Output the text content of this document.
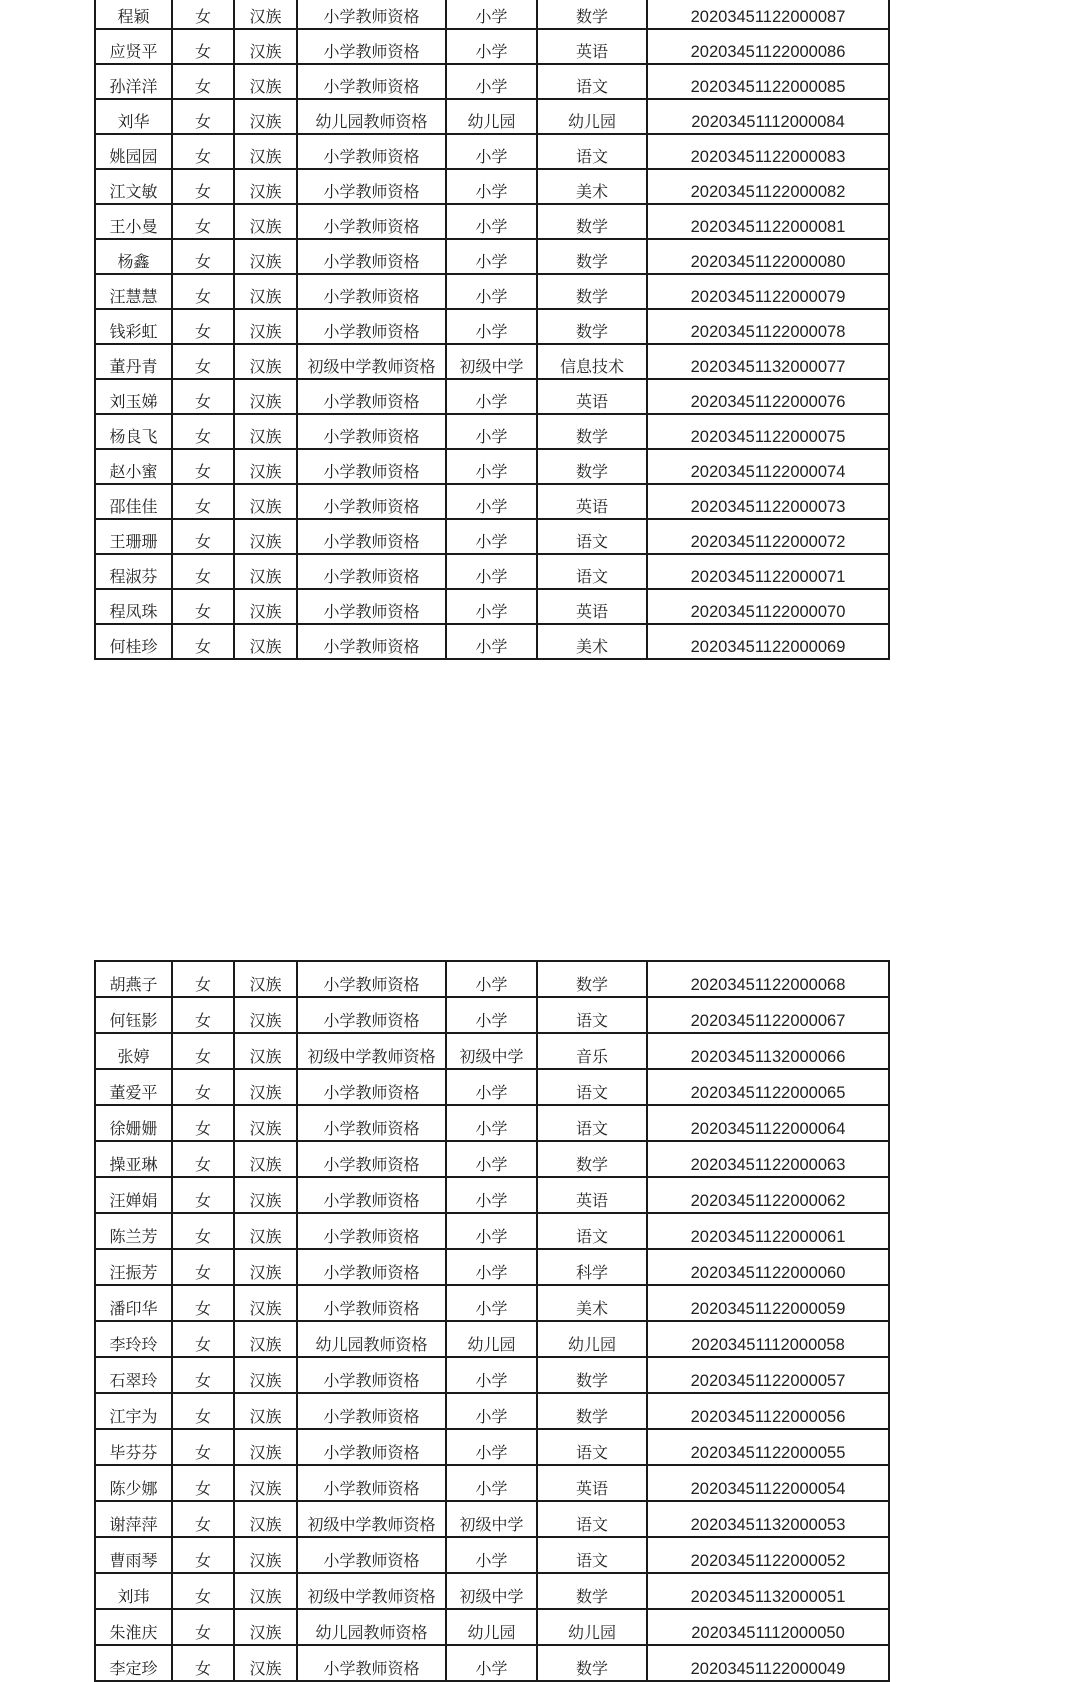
程颖	女	汉族	小学教师资格	小学	数学	20203451122000087
应贤平	女	汉族	小学教师资格	小学	英语	20203451122000086
孙洋洋	女	汉族	小学教师资格	小学	语文	20203451122000085
刘华	女	汉族	幼儿园教师资格	幼儿园	幼儿园	20203451112000084
姚园园	女	汉族	小学教师资格	小学	语文	20203451122000083
江文敏	女	汉族	小学教师资格	小学	美术	20203451122000082
王小曼	女	汉族	小学教师资格	小学	数学	20203451122000081
杨鑫	女	汉族	小学教师资格	小学	数学	20203451122000080
汪慧慧	女	汉族	小学教师资格	小学	数学	20203451122000079
钱彩虹	女	汉族	小学教师资格	小学	数学	20203451122000078
董丹青	女	汉族	初级中学教师资格	初级中学	信息技术	20203451132000077
刘玉娣	女	汉族	小学教师资格	小学	英语	20203451122000076
杨良飞	女	汉族	小学教师资格	小学	数学	20203451122000075
赵小蜜	女	汉族	小学教师资格	小学	数学	20203451122000074
邵佳佳	女	汉族	小学教师资格	小学	英语	20203451122000073
王珊珊	女	汉族	小学教师资格	小学	语文	20203451122000072
程淑芬	女	汉族	小学教师资格	小学	语文	20203451122000071
程凤珠	女	汉族	小学教师资格	小学	英语	20203451122000070
何桂珍	女	汉族	小学教师资格	小学	美术	20203451122000069
胡燕子	女	汉族	小学教师资格	小学	数学	20203451122000068
何钰影	女	汉族	小学教师资格	小学	语文	20203451122000067
张婷	女	汉族	初级中学教师资格	初级中学	音乐	20203451132000066
董爱平	女	汉族	小学教师资格	小学	语文	20203451122000065
徐姗姗	女	汉族	小学教师资格	小学	语文	20203451122000064
操亚琳	女	汉族	小学教师资格	小学	数学	20203451122000063
汪婵娟	女	汉族	小学教师资格	小学	英语	20203451122000062
陈兰芳	女	汉族	小学教师资格	小学	语文	20203451122000061
汪振芳	女	汉族	小学教师资格	小学	科学	20203451122000060
潘印华	女	汉族	小学教师资格	小学	美术	20203451122000059
李玲玲	女	汉族	幼儿园教师资格	幼儿园	幼儿园	20203451112000058
石翠玲	女	汉族	小学教师资格	小学	数学	20203451122000057
江宇为	女	汉族	小学教师资格	小学	数学	20203451122000056
毕芬芬	女	汉族	小学教师资格	小学	语文	20203451122000055
陈少娜	女	汉族	小学教师资格	小学	英语	20203451122000054
谢萍萍	女	汉族	初级中学教师资格	初级中学	语文	20203451132000053
曹雨琴	女	汉族	小学教师资格	小学	语文	20203451122000052
刘玮	女	汉族	初级中学教师资格	初级中学	数学	20203451132000051
朱淮庆	女	汉族	幼儿园教师资格	幼儿园	幼儿园	20203451112000050
李定珍	女	汉族	小学教师资格	小学	数学	20203451122000049
